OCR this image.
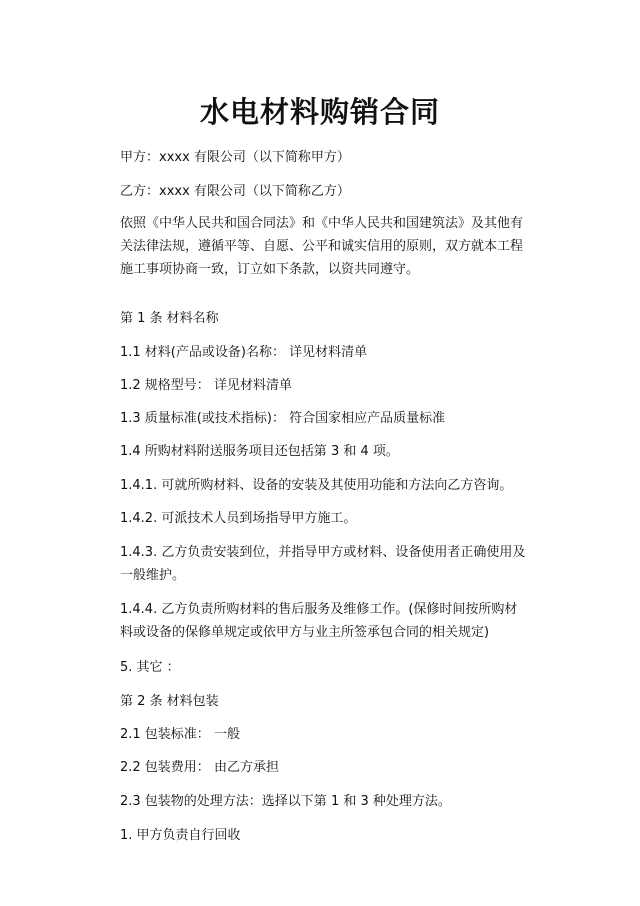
水电材料购销合同
甲方：xxxx 有限公司（以下简称甲方）
乙方：xxxx 有限公司（以下简称乙方）
依照《中华人民共和国合同法》和《中华人民共和国建筑法》及其他有关法律法规，遵循平等、自愿、公平和诚实信用的原则，双方就本工程施工事项协商一致，订立如下条款，以资共同遵守。
第 1 条 材料名称
1.1 材料(产品或设备)名称： 详见材料清单
1.2 规格型号： 详见材料清单
1.3 质量标准(或技术指标)： 符合国家相应产品质量标准
1.4 所购材料附送服务项目还包括第 3 和 4 项。
1.4.1. 可就所购材料、设备的安装及其使用功能和方法向乙方咨询。
1.4.2. 可派技术人员到场指导甲方施工。
1.4.3. 乙方负责安装到位，并指导甲方或材料、设备使用者正确使用及一般维护。
1.4.4. 乙方负责所购材料的售后服务及维修工作。(保修时间按所购材料或设备的保修单规定或依甲方与业主所签承包合同的相关规定)
5. 其它 ：
第 2 条 材料包装
2.1 包装标准： 一般
2.2 包装费用： 由乙方承担
2.3 包装物的处理方法：选择以下第 1 和 3 种处理方法。
1. 甲方负责自行回收
